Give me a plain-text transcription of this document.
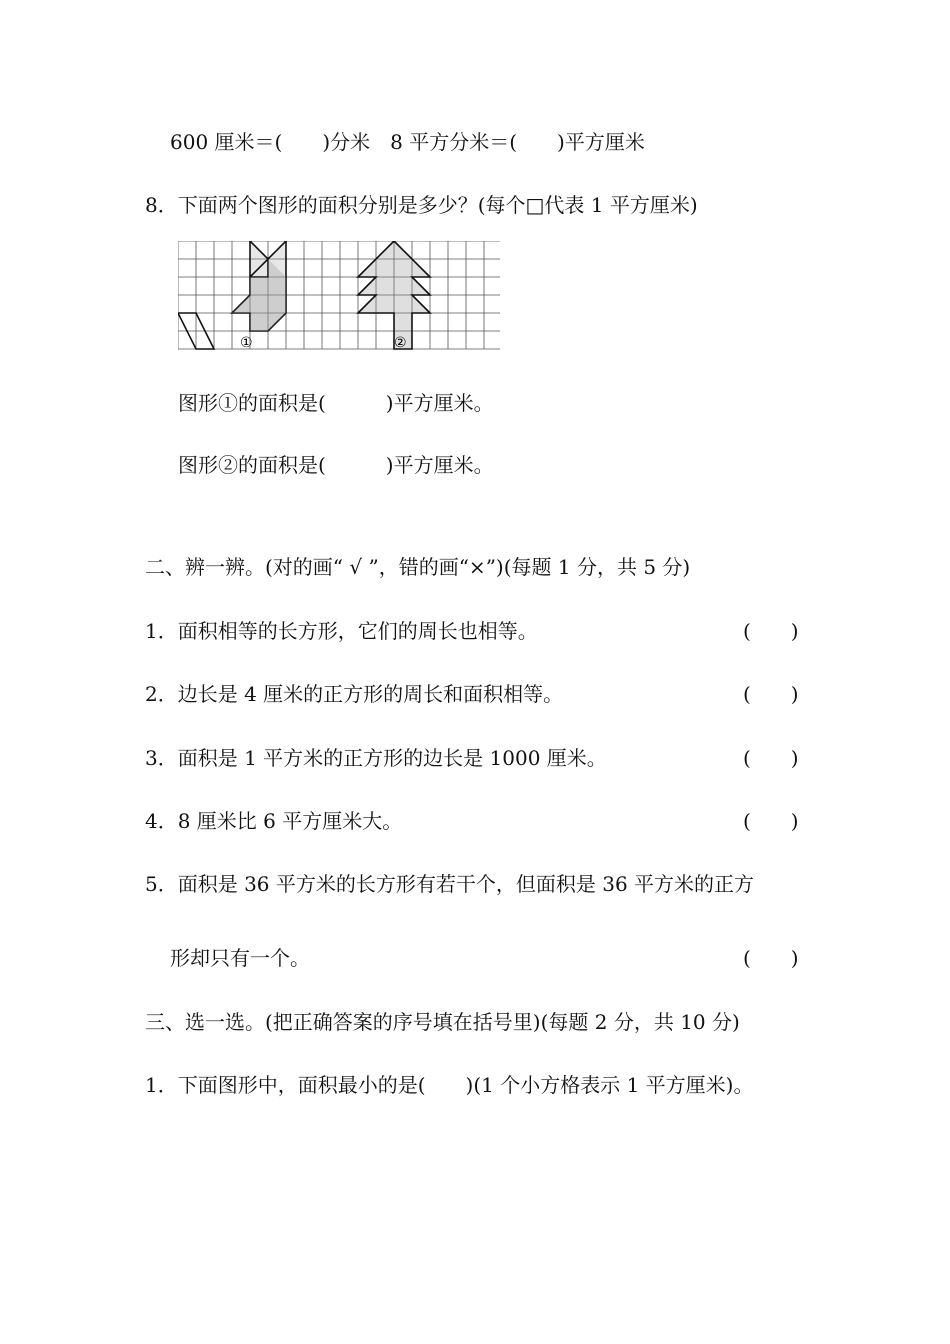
600 厘米＝(　　)分米　8 平方分米＝(　　)平方厘米
8．下面两个图形的面积分别是多少？(每个□代表 1 平方厘米)
①	②
图形①的面积是(　　　)平方厘米。
图形②的面积是(　　　)平方厘米。
二、辨一辨。(对的画“ √ ”，错的画“×”)(每题 1 分，共 5 分)
1．面积相等的长方形，它们的周长也相等。	(　　)
2．边长是 4 厘米的正方形的周长和面积相等。	(　　)
3．面积是 1 平方米的正方形的边长是 1000 厘米。	(　　)
4．8 厘米比 6 平方厘米大。	(　　)
5．面积是 36 平方米的长方形有若干个，但面积是 36 平方米的正方
形却只有一个。	(　　)
三、选一选。(把正确答案的序号填在括号里)(每题 2 分，共 10 分)
1．下面图形中，面积最小的是(　　)(1 个小方格表示 1 平方厘米)。
